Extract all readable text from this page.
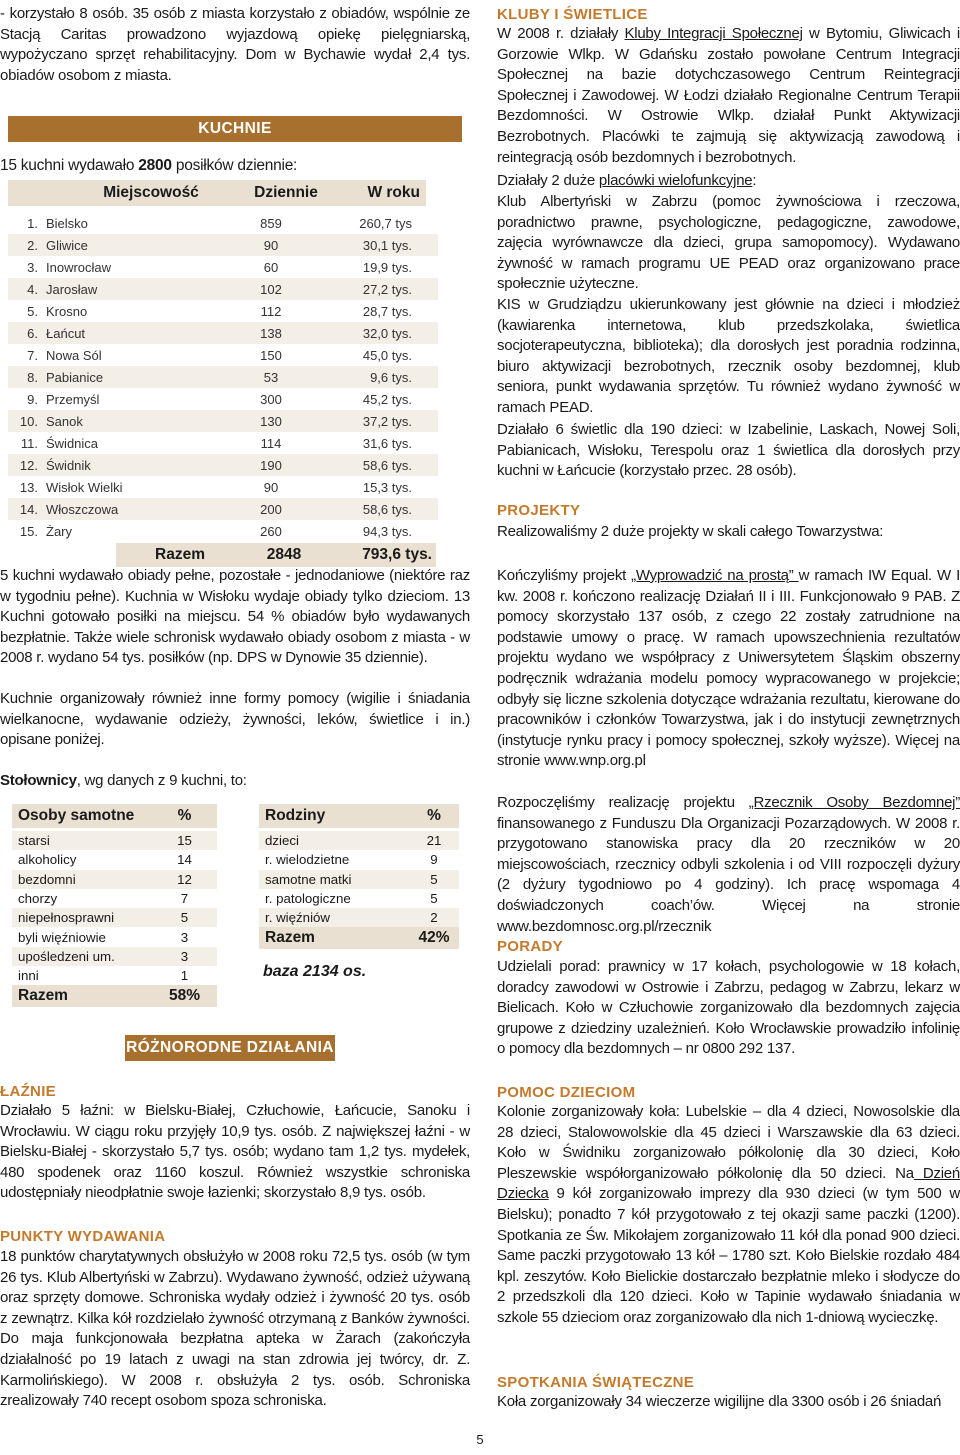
- korzystało 8 osób. 35 osób z miasta korzystało z obiadów, wspólnie ze Stacją Caritas prowadzono wyjazdową opiekę pielęgniarską, wypożyczano sprzęt rehabilitacyjny. Dom w Bychawie wydał 2,4 tys. obiadów osobom z miasta.

KUCHNIE

15 kuchni wydawało 2800 posiłków dziennie:

Miejscowość	Dziennie	W roku
1. Bielsko	859	260,7 tys
2. Gliwice	90	30,1 tys.
3. Inowrocław	60	19,9 tys.
4. Jarosław	102	27,2 tys.
5. Krosno	112	28,7 tys.
6. Łańcut	138	32,0 tys.
7. Nowa Sól	150	45,0 tys.
8. Pabianice	53	9,6 tys.
9. Przemyśl	300	45,2 tys.
10. Sanok	130	37,2 tys.
11. Świdnica	114	31,6 tys.
12. Świdnik	190	58,6 tys.
13. Wisłok Wielki	90	15,3 tys.
14. Włoszczowa	200	58,6 tys.
15. Żary	260	94,3 tys.
Razem	2848	793,6 tys.

5 kuchni wydawało obiady pełne, pozostałe - jednodaniowe (niektóre raz w tygodniu pełne). Kuchnia w Wisłoku wydaje obiady tylko dzieciom. 13 Kuchni gotowało posiłki na miejscu. 54 % obiadów było wydawanych bezpłatnie. Także wiele schronisk wydawało obiady osobom z miasta - w 2008 r. wydano 54 tys. posiłków (np. DPS w Dynowie 35 dziennie).

Kuchnie organizowały również inne formy pomocy (wigilie i śniadania wielkanocne, wydawanie odzieży, żywności, leków, świetlice i in.) opisane poniżej.

Stołownicy, wg danych z 9 kuchni, to:

Osoby samotne	%
starsi	15
alkoholicy	14
bezdomni	12
chorzy	7
niepełnosprawni	5
byli więźniowie	3
upośledzeni um.	3
inni	1
Razem	58%
Rodziny	%
dzieci	21
r. wielodzietne	9
samotne matki	5
r. patologiczne	5
r. więźniów	2
Razem	42%
baza 2134 os.
RÓŻNORODNE DZIAŁANIA
ŁAŹNIE

Działało 5 łaźni: w Bielsku-Białej, Człuchowie, Łańcucie, Sanoku i Wrocławiu. W ciągu roku przyjęły 10,9 tys. osób. Z największej łaźni - w Bielsku-Białej - skorzystało 5,7 tys. osób; wydano tam 1,2 tys. mydełek, 480 spodenek oraz 1160 koszul. Również wszystkie schroniska udostępniały nieodpłatnie swoje łazienki; skorzystało 8,9 tys. osób.

PUNKTY WYDAWANIA

18 punktów charytatywnych obsłużyło w 2008 roku 72,5 tys. osób (w tym 26 tys. Klub Albertyński w Zabrzu). Wydawano żywność, odzież używaną oraz sprzęty domowe. Schroniska wydały odzież i żywność 20 tys. osób z zewnątrz. Kilka kół rozdzielało żywność otrzymaną z Banków żywności. Do maja funkcjonowała bezpłatna apteka w Żarach (zakończyła działalność po 19 latach z uwagi na stan zdrowia jej twórcy, dr. Z. Karmolińskiego). W 2008 r. obsłużyła 2 tys. osób. Schroniska zrealizowały 740 recept osobom spoza schroniska.

KLUBY I ŚWIETLICE

W 2008 r. działały Kluby Integracji Społecznej w Bytomiu, Gliwicach i Gorzowie Wlkp. W Gdańsku zostało powołane Centrum Integracji Społecznej na bazie dotychczasowego Centrum Reintegracji Społecznej i Zawodowej. W Łodzi działało Regionalne Centrum Terapii Bezdomności. W Ostrowie Wlkp. działał Punkt Aktywizacji Bezrobotnych. Placówki te zajmują się aktywizacją zawodową i reintegracją osób bezdomnych i bezrobotnych.

Działały 2 duże placówki wielofunkcyjne:

Klub Albertyński w Zabrzu (pomoc żywnościowa i rzeczowa, poradnictwo prawne, psychologiczne, pedagogiczne, zawodowe, zajęcia wyrównawcze dla dzieci, grupa samopomocy). Wydawano żywność w ramach programu UE PEAD oraz organizowano prace społecznie użyteczne.

KIS w Grudziądzu ukierunkowany jest głównie na dzieci i młodzież (kawiarenka internetowa, klub przedszkolaka, świetlica socjoterapeutyczna, biblioteka); dla dorosłych jest poradnia rodzinna, biuro aktywizacji bezrobotnych, rzecznik osoby bezdomnej, klub seniora, punkt wydawania sprzętów. Tu również wydano żywność w ramach PEAD.

Działało 6 świetlic dla 190 dzieci: w Izabelinie, Laskach, Nowej Soli, Pabianicach, Wisłoku, Terespolu oraz 1 świetlica dla dorosłych przy kuchni w Łańcucie (korzystało przec. 28 osób).

PROJEKTY

Realizowaliśmy 2 duże projekty w skali całego Towarzystwa:

Kończyliśmy projekt „Wyprowadzić na prostą” w ramach IW Equal. W I kw. 2008 r. kończono realizację Działań II i III. Funkcjonowało 9 PAB. Z pomocy skorzystało 137 osób, z czego 22 zostały zatrudnione na podstawie umowy o pracę. W ramach upowszechnienia rezultatów projektu wydano we współpracy z Uniwersytetem Śląskim obszerny podręcznik wdrażania modelu pomocy wypracowanego w projekcie; odbyły się liczne szkolenia dotyczące wdrażania rezultatu, kierowane do pracowników i członków Towarzystwa, jak i do instytucji zewnętrznych (instytucje rynku pracy i pomocy społecznej, szkoły wyższe). Więcej na stronie www.wnp.org.pl

Rozpoczęliśmy realizację projektu „Rzecznik Osoby Bezdomnej” finansowanego z Funduszu Dla Organizacji Pozarządowych. W 2008 r. przygotowano stanowiska pracy dla 20 rzeczników w 20 miejscowościach, rzecznicy odbyli szkolenia i od VIII rozpoczęli dyżury (2 dyżury tygodniowo po 4 godziny). Ich pracę wspomaga 4 doświadczonych coach’ów. Więcej na stronie www.bezdomnosc.org.pl/rzecznik

PORADY

Udzielali porad: prawnicy w 17 kołach, psychologowie w 18 kołach, doradcy zawodowi w Ostrowie i Zabrzu, pedagog w Zabrzu, lekarz w Bielicach. Koło w Człuchowie zorganizowało dla bezdomnych zajęcia grupowe z dziedziny uzależnień. Koło Wrocławskie prowadziło infolinię o pomocy dla bezdomnych – nr 0800 292 137.

POMOC DZIECIOM

Kolonie zorganizowały koła: Lubelskie – dla 4 dzieci, Nowosolskie dla 28 dzieci, Stalowowolskie dla 45 dzieci i Warszawskie dla 63 dzieci. Koło w Świdniku zorganizowało półkolonię dla 30 dzieci, Koło Pleszewskie współorganizowało półkolonię dla 50 dzieci. Na Dzień Dziecka 9 kół zorganizowało imprezy dla 930 dzieci (w tym 500 w Bielsku); ponadto 7 kół przygotowało z tej okazji same paczki (1200). Spotkania ze Św. Mikołajem zorganizowało 11 kół dla ponad 900 dzieci. Same paczki przygotowało 13 kół – 1780 szt. Koło Bielskie rozdało 484 kpl. zeszytów. Koło Bielickie dostarczało bezpłatnie mleko i słodycze do 2 przedszkoli dla 120 dzieci. Koło w Tapinie wydawało śniadania w szkole 55 dzieciom oraz zorganizowało dla nich 1-dniową wycieczkę.

SPOTKANIA ŚWIĄTECZNE

Koła zorganizowały 34 wieczerze wigilijne dla 3300 osób i 26 śniadań

5
